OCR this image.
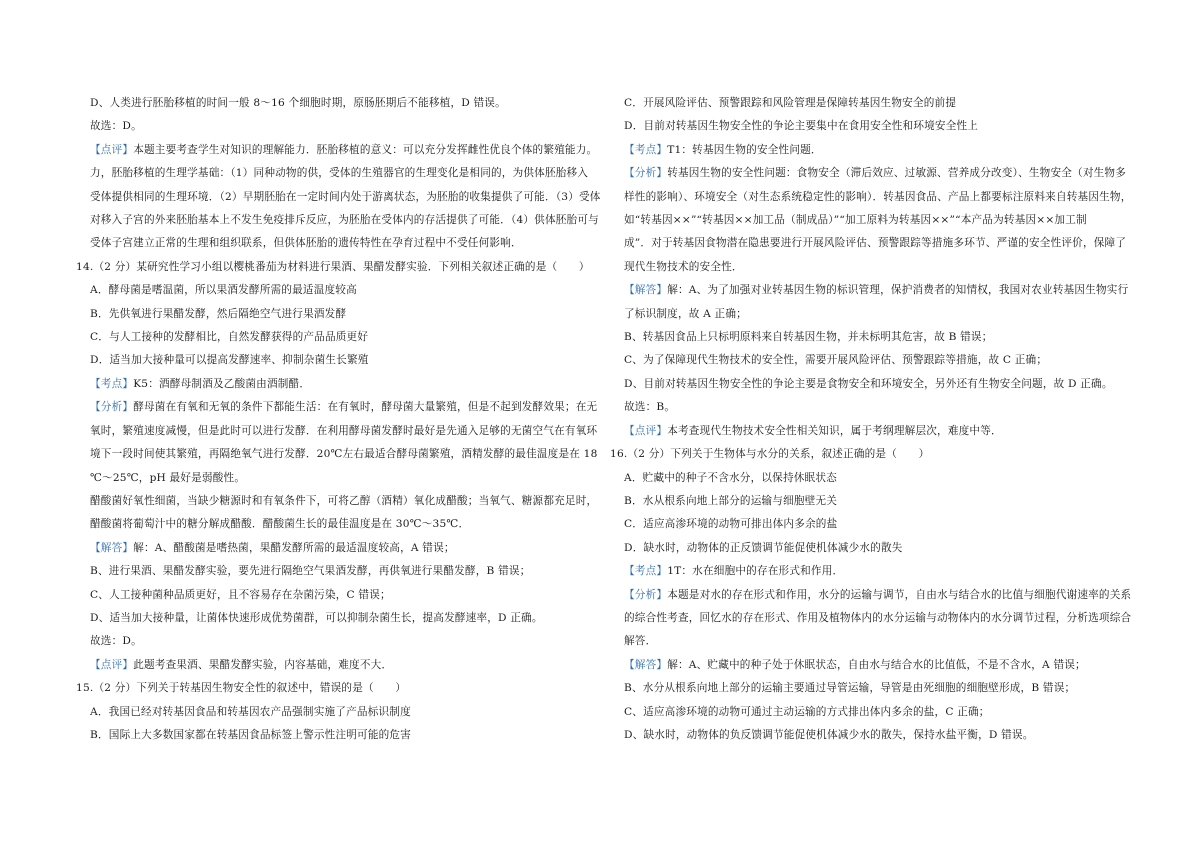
D、人类进行胚胎移植的时间一般 8～16 个细胞时期，原肠胚期后不能移植，D 错误。

故选：D。

【点评】本题主要考查学生对知识的理解能力．胚胎移植的意义：可以充分发挥雌性优良个体的繁殖能力。

力，胚胎移植的生理学基础：（1）同种动物的供，受体的生殖器官的生理变化是相同的，为供体胚胎移入

受体提供相同的生理环境．（2）早期胚胎在一定时间内处于游离状态，为胚胎的收集提供了可能．（3）受体

对移入子宫的外来胚胎基本上不发生免疫排斥反应，为胚胎在受体内的存活提供了可能．（4）供体胚胎可与

受体子宫建立正常的生理和组织联系，但供体胚胎的遗传特性在孕育过程中不受任何影响．

14.（2 分）某研究性学习小组以樱桃番茄为材料进行果酒、果醋发酵实验．下列相关叙述正确的是（　　）

A．酵母菌是嗜温菌，所以果酒发酵所需的最适温度较高

B．先供氧进行果醋发酵，然后隔绝空气进行果酒发酵

C．与人工接种的发酵相比，自然发酵获得的产品品质更好

D．适当加大接种量可以提高发酵速率、抑制杂菌生长繁殖

【考点】K5：酒酵母制酒及乙酸菌由酒制醋．

【分析】酵母菌在有氧和无氧的条件下都能生活：在有氧时，酵母菌大量繁殖，但是不起到发酵效果；在无

氧时，繁殖速度减慢，但是此时可以进行发酵．在利用酵母菌发酵时最好是先通入足够的无菌空气在有氧环

境下一段时间使其繁殖，再隔绝氧气进行发酵．20℃左右最适合酵母菌繁殖，酒精发酵的最佳温度是在 18

℃～25℃，pH 最好是弱酸性。

醋酸菌好氧性细菌，当缺少糖源时和有氧条件下，可将乙醇（酒精）氧化成醋酸；当氧气、糖源都充足时，

醋酸菌将葡萄汁中的糖分解成醋酸．醋酸菌生长的最佳温度是在 30℃～35℃．

【解答】解：A、醋酸菌是嗜热菌，果醋发酵所需的最适温度较高，A 错误；

B、进行果酒、果醋发酵实验，要先进行隔绝空气果酒发酵，再供氧进行果醋发酵，B 错误；

C、人工接种菌种品质更好，且不容易存在杂菌污染，C 错误；

D、适当加大接种量，让菌体快速形成优势菌群，可以抑制杂菌生长，提高发酵速率，D 正确。

故选：D。

【点评】此题考查果酒、果醋发酵实验，内容基础，难度不大．

15.（2 分）下列关于转基因生物安全性的叙述中，错误的是（　　）

A．我国已经对转基因食品和转基因农产品强制实施了产品标识制度

B．国际上大多数国家都在转基因食品标签上警示性注明可能的危害

C．开展风险评估、预警跟踪和风险管理是保障转基因生物安全的前提

D．目前对转基因生物安全性的争论主要集中在食用安全性和环境安全性上

【考点】T1：转基因生物的安全性问题．

【分析】转基因生物的安全性问题：食物安全（滞后效应、过敏源、营养成分改变）、生物安全（对生物多

样性的影响）、环境安全（对生态系统稳定性的影响）．转基因食品、产品上都要标注原料来自转基因生物，

如“转基因××”“转基因××加工品（制成品）”“加工原料为转基因××”“本产品为转基因××加工制

成”．对于转基因食物潜在隐患要进行开展风险评估、预警跟踪等措施多环节、严谨的安全性评价，保障了

现代生物技术的安全性．

【解答】解：A、为了加强对业转基因生物的标识管理，保护消费者的知情权，我国对农业转基因生物实行

了标识制度，故 A 正确；

B、转基因食品上只标明原料来自转基因生物，并未标明其危害，故 B 错误；

C、为了保障现代生物技术的安全性，需要开展风险评估、预警跟踪等措施，故 C 正确；

D、目前对转基因生物安全性的争论主要是食物安全和环境安全，另外还有生物安全问题，故 D 正确。

故选：B。

【点评】本考查现代生物技术安全性相关知识，属于考纲理解层次，难度中等．

16.（2 分）下列关于生物体与水分的关系，叙述正确的是（　　）

A．贮藏中的种子不含水分，以保持休眠状态

B．水从根系向地上部分的运输与细胞壁无关

C．适应高渗环境的动物可排出体内多余的盐

D．缺水时，动物体的正反馈调节能促使机体减少水的散失

【考点】1T：水在细胞中的存在形式和作用．

【分析】本题是对水的存在形式和作用，水分的运输与调节，自由水与结合水的比值与细胞代谢速率的关系

的综合性考查，回忆水的存在形式、作用及植物体内的水分运输与动物体内的水分调节过程，分析选项综合

解答．

【解答】解：A、贮藏中的种子处于休眠状态，自由水与结合水的比值低，不是不含水，A 错误；

B、水分从根系向地上部分的运输主要通过导管运输，导管是由死细胞的细胞壁形成，B 错误；

C、适应高渗环境的动物可通过主动运输的方式排出体内多余的盐，C 正确；

D、缺水时，动物体的负反馈调节能促使机体减少水的散失，保持水盐平衡，D 错误。
